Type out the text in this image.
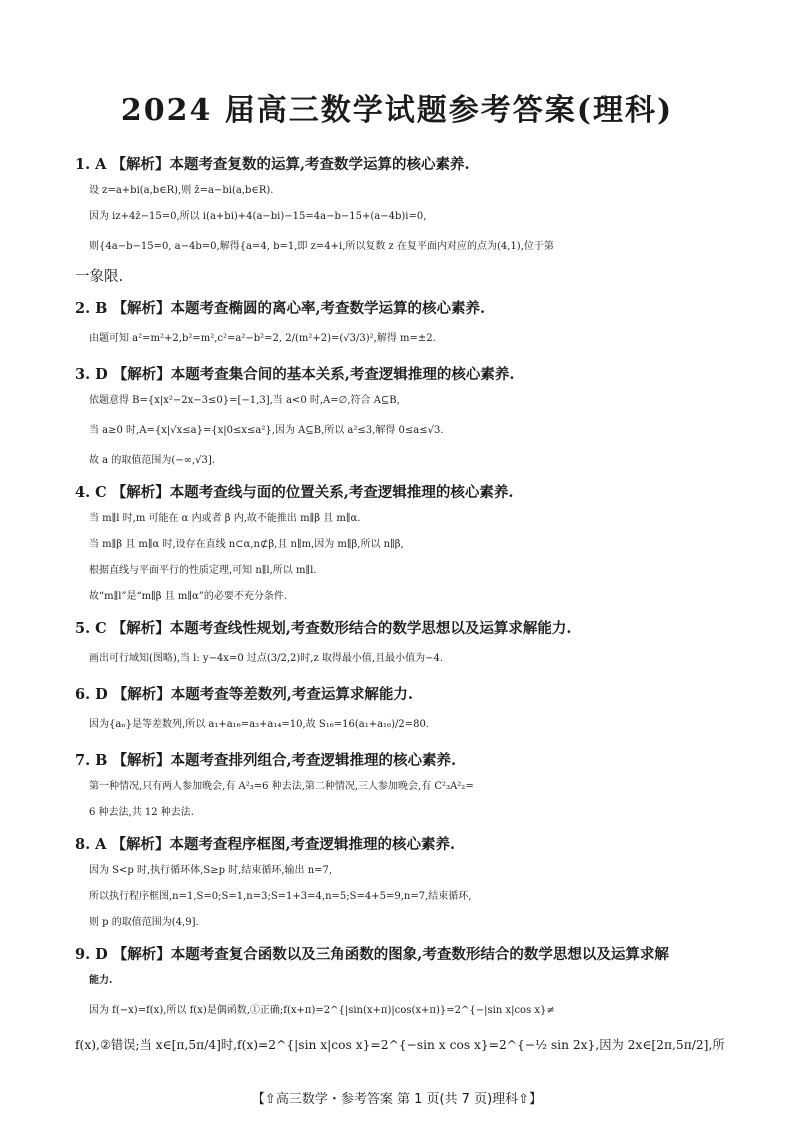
2024 届高三数学试题参考答案(理科)
1. A 【解析】本题考查复数的运算,考查数学运算的核心素养.
设 z=a+bi(a,b∈R),则 z̄=a−bi(a,b∈R).
因为 iz+4z̄−15=0,所以 i(a+bi)+4(a−bi)−15=4a−b−15+(a−4b)i=0,
则{4a−b−15=0, a−4b=0,解得{a=4, b=1,即 z=4+i,所以复数 z 在复平面内对应的点为(4,1),位于第
一象限.
2. B 【解析】本题考查椭圆的离心率,考查数学运算的核心素养.
由题可知 a²=m²+2,b²=m²,c²=a²−b²=2, 2/(m²+2)=(√3/3)²,解得 m=±2.
3. D 【解析】本题考查集合间的基本关系,考查逻辑推理的核心素养.
依题意得 B={x|x²−2x−3≤0}=[−1,3],当 a<0 时,A=∅,符合 A⊆B,
当 a≥0 时,A={x|√x≤a}={x|0≤x≤a²},因为 A⊆B,所以 a²≤3,解得 0≤a≤√3.
故 a 的取值范围为(−∞,√3].
4. C 【解析】本题考查线与面的位置关系,考查逻辑推理的核心素养.
当 m∥l 时,m 可能在 α 内或者 β 内,故不能推出 m∥β 且 m∥α.
当 m∥β 且 m∥α 时,设存在直线 n⊂α,n⊄β,且 n∥m,因为 m∥β,所以 n∥β,
根据直线与平面平行的性质定理,可知 n∥l,所以 m∥l.
故“m∥l”是“m∥β 且 m∥α”的必要不充分条件.
5. C 【解析】本题考查线性规划,考查数形结合的数学思想以及运算求解能力.
画出可行域知(图略),当 l: y−4x=0 过点(3/2,2)时,z 取得最小值,且最小值为−4.
6. D 【解析】本题考查等差数列,考查运算求解能力.
因为{aₙ}是等差数列,所以 a₁+a₁₆=a₃+a₁₄=10,故 S₁₆=16(a₁+a₁₆)/2=80.
7. B 【解析】本题考查排列组合,考查逻辑推理的核心素养.
第一种情况,只有两人参加晚会,有 A²₃=6 种去法,第二种情况,三人参加晚会,有 C²₃A²₂=
6 种去法,共 12 种去法.
8. A 【解析】本题考查程序框图,考查逻辑推理的核心素养.
因为 S<p 时,执行循环体,S≥p 时,结束循环,输出 n=7,
所以执行程序框图,n=1,S=0;S=1,n=3;S=1+3=4,n=5;S=4+5=9,n=7,结束循环,
则 p 的取值范围为(4,9].
9. D 【解析】本题考查复合函数以及三角函数的图象,考查数形结合的数学思想以及运算求解
能力.
因为 f(−x)=f(x),所以 f(x)是偶函数,①正确;f(x+π)=2^{|sin(x+π)|cos(x+π)}=2^{−|sin x|cos x}≠
f(x),②错误;当 x∈[π,5π/4]时,f(x)=2^{|sin x|cos x}=2^{−sin x cos x}=2^{−½ sin 2x},因为 2x∈[2π,5π/2],所
【⇧高三数学・参考答案 第 1 页(共 7 页)理科⇧】
